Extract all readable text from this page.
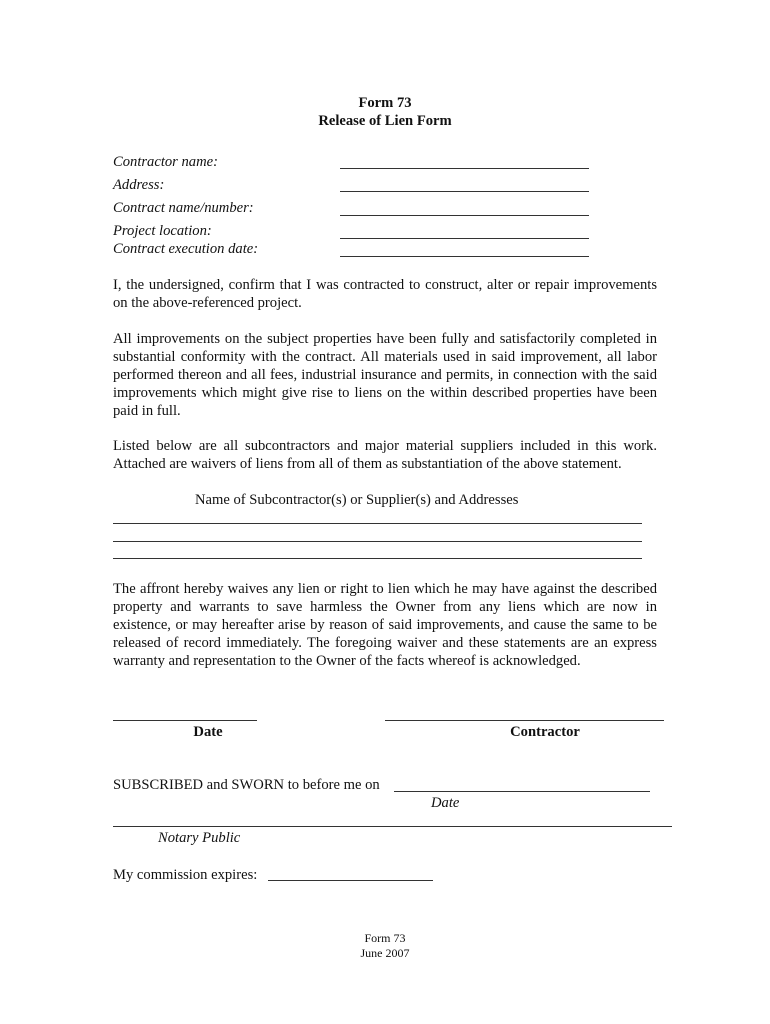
Form 73
Release of Lien Form
Contractor name:
Address:
Contract name/number:
Project location:
Contract execution date:
I, the undersigned, confirm that I was contracted to construct, alter or repair improvements on the above-referenced project.
All improvements on the subject properties have been fully and satisfactorily completed in substantial conformity with the contract. All materials used in said improvement, all labor performed thereon and all fees, industrial insurance and permits, in connection with the said improvements which might give rise to liens on the within described properties have been paid in full.
Listed below are all subcontractors and major material suppliers included in this work. Attached are waivers of liens from all of them as substantiation of the above statement.
Name of Subcontractor(s) or Supplier(s) and Addresses
The affront hereby waives any lien or right to lien which he may have against the described property and warrants to save harmless the Owner from any liens which are now in existence, or may hereafter arise by reason of said improvements, and cause the same to be released of record immediately. The foregoing waiver and these statements are an express warranty and representation to the Owner of the facts whereof is acknowledged.
Date	Contractor
SUBSCRIBED and SWORN to before me on
Date
Notary Public
My commission expires:
Form 73
June 2007
